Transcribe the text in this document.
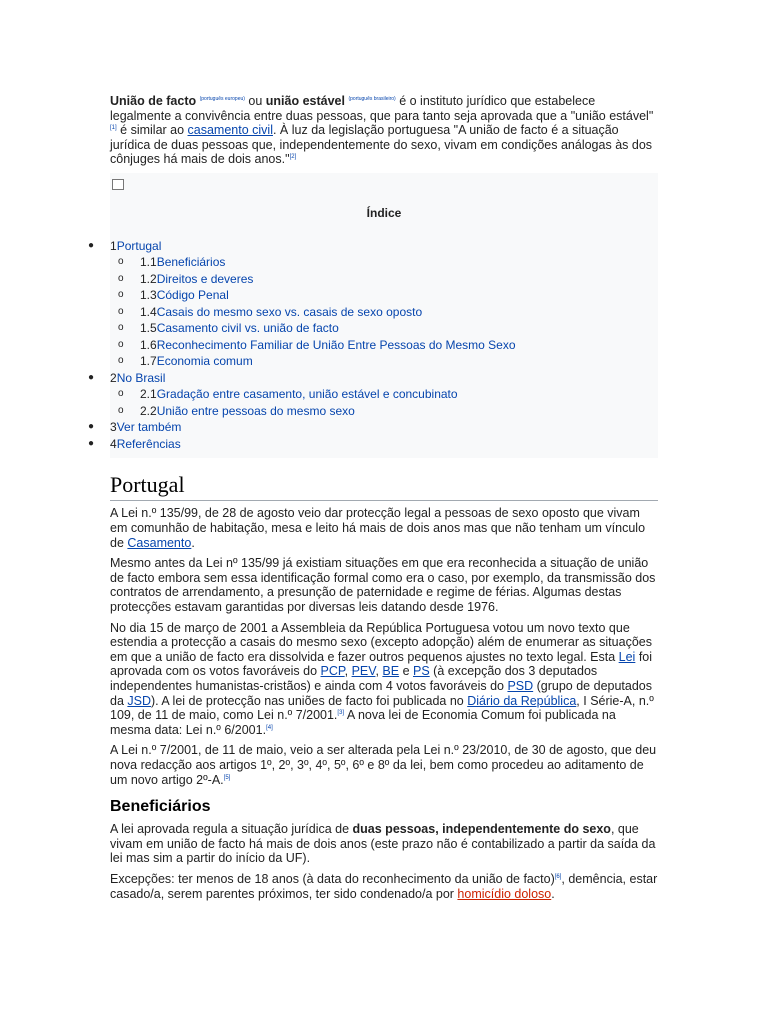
União de facto $^{(português europeu)}$ ou união estável $^{(português brasileiro)}$ é o instituto jurídico que estabelece legalmente a convivência entre duas pessoas, que para tanto seja aprovada que a "união estável"[1] é similar ao casamento civil. À luz da legislação portuguesa "A união de facto é a situação jurídica de duas pessoas que, independentemente do sexo, vivam em condições análogas às dos cônjuges há mais de dois anos."[2]

Índice
● 1Portugal
o 1.1Beneficiários
o 1.2Direitos e deveres
o 1.3Código Penal
o 1.4Casais do mesmo sexo vs. casais de sexo oposto
o 1.5Casamento civil vs. união de facto
o 1.6Reconhecimento Familiar de União Entre Pessoas do Mesmo Sexo
o 1.7Economia comum
● 2No Brasil
o 2.1Gradação entre casamento, união estável e concubinato
o 2.2União entre pessoas do mesmo sexo
● 3Ver também
● 4Referências
Portugal

A Lei n.º 135/99, de 28 de agosto veio dar protecção legal a pessoas de sexo oposto que vivam em comunhão de habitação, mesa e leito há mais de dois anos mas que não tenham um vínculo de Casamento.

Mesmo antes da Lei nº 135/99 já existiam situações em que era reconhecida a situação de união de facto embora sem essa identificação formal como era o caso, por exemplo, da transmissão dos contratos de arrendamento, a presunção de paternidade e regime de férias. Algumas destas protecções estavam garantidas por diversas leis datando desde 1976.

No dia 15 de março de 2001 a Assembleia da República Portuguesa votou um novo texto que estendia a protecção a casais do mesmo sexo (excepto adopção) além de enumerar as situações em que a união de facto era dissolvida e fazer outros pequenos ajustes no texto legal. Esta Lei foi aprovada com os votos favoráveis do PCP, PEV, BE e PS (à excepção dos 3 deputados independentes humanistas-cristãos) e ainda com 4 votos favoráveis do PSD (grupo de deputados da JSD). A lei de protecção nas uniões de facto foi publicada no Diário da República, I Série-A, n.º 109, de 11 de maio, como Lei n.º 7/2001.[3] A nova lei de Economia Comum foi publicada na mesma data: Lei n.º 6/2001.[4]

A Lei n.º 7/2001, de 11 de maio, veio a ser alterada pela Lei n.º 23/2010, de 30 de agosto, que deu nova redacção aos artigos 1º, 2º, 3º, 4º, 5º, 6º e 8º da lei, bem como procedeu ao aditamento de um novo artigo 2º-A.[5]

Beneficiários

A lei aprovada regula a situação jurídica de duas pessoas, independentemente do sexo, que vivam em união de facto há mais de dois anos (este prazo não é contabilizado a partir da saída da lei mas sim a partir do início da UF).

Excepções: ter menos de 18 anos (à data do reconhecimento da união de facto)[6], demência, estar casado/a, serem parentes próximos, ter sido condenado/a por homicídio doloso.
